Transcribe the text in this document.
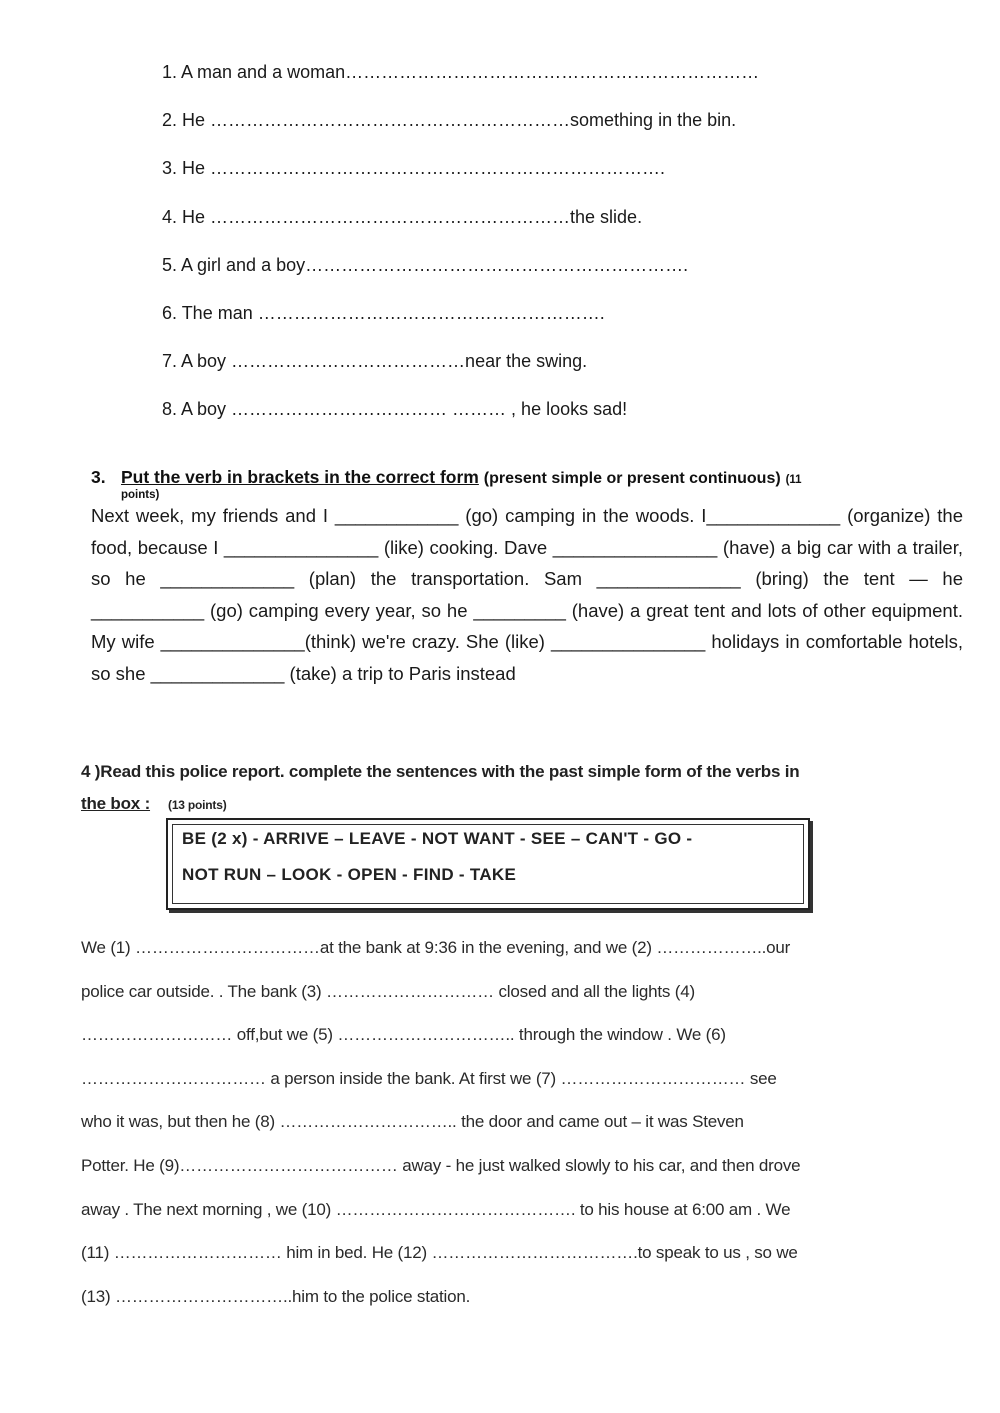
1. A man and a woman……………………………………………………………
2. He ……………………………………………………something in the bin.
3. He ………………………………………………………………….
4. He ……………………………………………………the slide.
5. A girl and a boy……………………………………………………….
6. The man ………………………………………………….
7. A boy …………………………………near the swing.
8. A boy ……………………………… ……… , he looks sad!
3. Put the verb in brackets in the correct form (present simple or present continuous) (11
points)
Next week, my friends and I ____________ (go) camping in the woods. I_____________ (organize) the food, because I _______________ (like) cooking. Dave ________________ (have) a big car with a trailer, so he _____________ (plan) the transportation. Sam ______________ (bring) the tent — he ___________ (go) camping every year, so he _________ (have) a great tent and lots of other equipment. My wife ______________(think) we're crazy. She (like) _______________ holidays in comfortable hotels, so she _____________ (take) a trip to Paris instead
4 )Read this police report. complete the sentences with the past simple form of the verbs in
the box : (13 points)
BE (2 x) - ARRIVE – LEAVE - NOT WANT - SEE – CAN'T - GO -
NOT RUN – LOOK - OPEN - FIND - TAKE
We (1) ……………………………at the bank at 9:36 in the evening, and we (2) ………………..our
police car outside. . The bank (3) ………………………… closed and all the lights (4)
……………………… off,but we (5) ………………………….. through the window . We (6)
…………………………… a person inside the bank. At first we (7) …………………………… see
who it was, but then he (8) ………………………….. the door and came out – it was Steven
Potter. He (9)………………………………… away - he just walked slowly to his car, and then drove
away . The next morning , we (10) ……………………………………. to his house at 6:00 am . We
(11) ………………………… him in bed. He (12) ……………………………….to speak to us , so we
(13) …………………………..him to the police station.
